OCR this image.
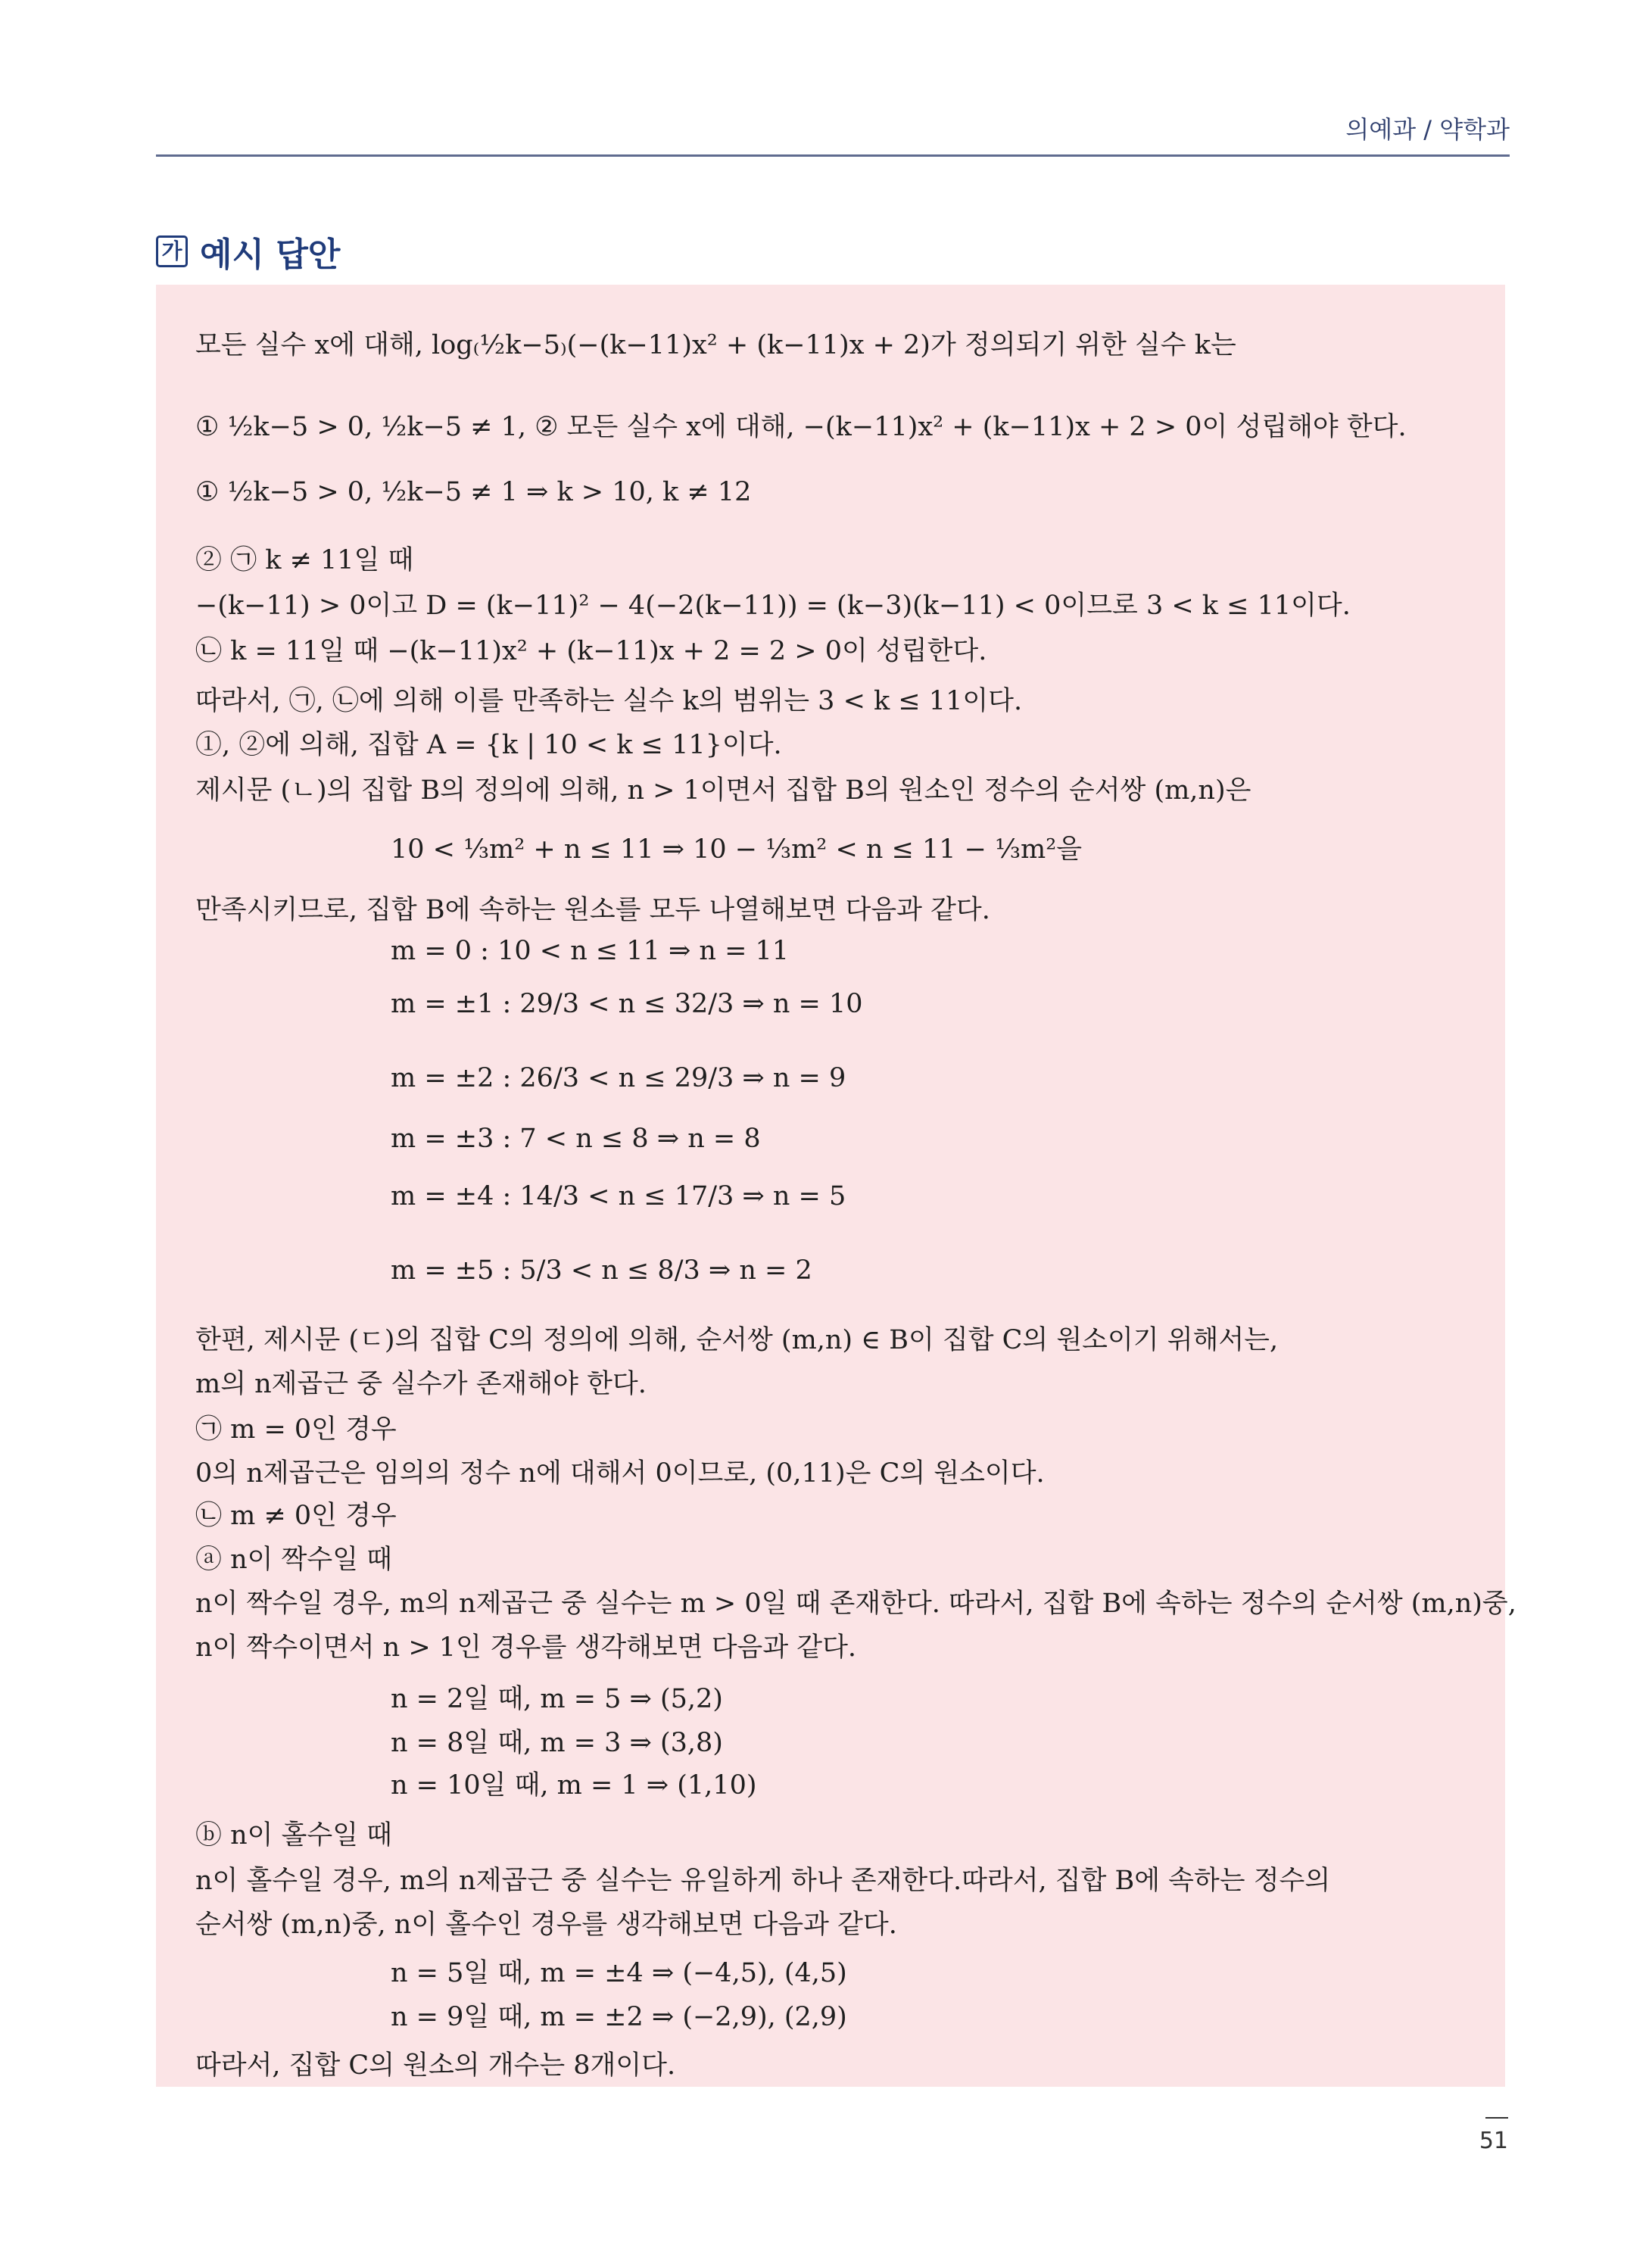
의예과 / 약학과
가 예시 답안
모든 실수 x에 대해, log₍½k−5₎(−(k−11)x² + (k−11)x + 2)가 정의되기 위한 실수 k는
① ½k−5 > 0, ½k−5 ≠ 1, ② 모든 실수 x에 대해, −(k−11)x² + (k−11)x + 2 > 0이 성립해야 한다.
① ½k−5 > 0, ½k−5 ≠ 1 ⇒ k > 10, k ≠ 12
② ㉠ k ≠ 11일 때
−(k−11) > 0이고 D = (k−11)² − 4(−2(k−11)) = (k−3)(k−11) < 0이므로 3 < k ≤ 11이다.
㉡ k = 11일 때 −(k−11)x² + (k−11)x + 2 = 2 > 0이 성립한다.
따라서, ㉠, ㉡에 의해 이를 만족하는 실수 k의 범위는 3 < k ≤ 11이다.
①, ②에 의해, 집합 A = {k | 10 < k ≤ 11}이다.
제시문 (ㄴ)의 집합 B의 정의에 의해, n > 1이면서 집합 B의 원소인 정수의 순서쌍 (m,n)은
10 < ⅓m² + n ≤ 11 ⇒ 10 − ⅓m² < n ≤ 11 − ⅓m²을
만족시키므로, 집합 B에 속하는 원소를 모두 나열해보면 다음과 같다.
m = 0 : 10 < n ≤ 11 ⇒ n = 11
m = ±1 : 29/3 < n ≤ 32/3 ⇒ n = 10
m = ±2 : 26/3 < n ≤ 29/3 ⇒ n = 9
m = ±3 : 7 < n ≤ 8 ⇒ n = 8
m = ±4 : 14/3 < n ≤ 17/3 ⇒ n = 5
m = ±5 : 5/3 < n ≤ 8/3 ⇒ n = 2
한편, 제시문 (ㄷ)의 집합 C의 정의에 의해, 순서쌍 (m,n) ∈ B이 집합 C의 원소이기 위해서는,
m의 n제곱근 중 실수가 존재해야 한다.
㉠ m = 0인 경우
0의 n제곱근은 임의의 정수 n에 대해서 0이므로, (0,11)은 C의 원소이다.
㉡ m ≠ 0인 경우
ⓐ n이 짝수일 때
n이 짝수일 경우, m의 n제곱근 중 실수는 m > 0일 때 존재한다. 따라서, 집합 B에 속하는 정수의 순서쌍 (m,n)중,
n이 짝수이면서 n > 1인 경우를 생각해보면 다음과 같다.
n = 2일 때, m = 5 ⇒ (5,2)
n = 8일 때, m = 3 ⇒ (3,8)
n = 10일 때, m = 1 ⇒ (1,10)
ⓑ n이 홀수일 때
n이 홀수일 경우, m의 n제곱근 중 실수는 유일하게 하나 존재한다.따라서, 집합 B에 속하는 정수의
순서쌍 (m,n)중, n이 홀수인 경우를 생각해보면 다음과 같다.
n = 5일 때, m = ±4 ⇒ (−4,5), (4,5)
n = 9일 때, m = ±2 ⇒ (−2,9), (2,9)
따라서, 집합 C의 원소의 개수는 8개이다.
51
